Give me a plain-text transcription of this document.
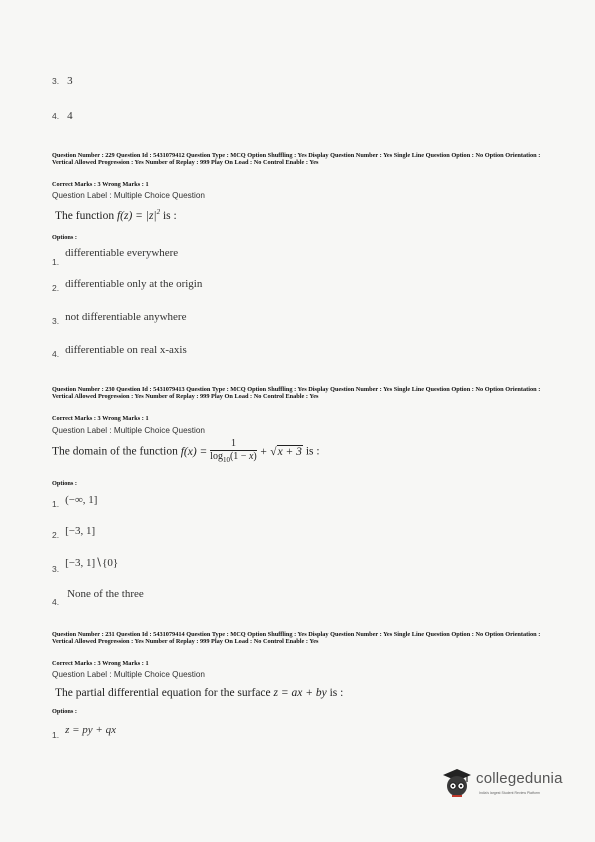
3. 3
4. 4
Question Number : 229 Question Id : 5431079412 Question Type : MCQ Option Shuffling : Yes Display Question Number : Yes Single Line Question Option : No Option Orientation : Vertical Allowed Progression : Yes Number of Replay : 999 Play On Load : No Control Enable : Yes
Correct Marks : 3 Wrong Marks : 1
Question Label : Multiple Choice Question
The function $f(z) = |z|^2$ is :
Options :
$_{1.}$ differentiable everywhere
$_{2.}$ differentiable only at the origin
$_{3.}$ not differentiable anywhere
$_{4.}$ differentiable on real x-axis
Question Number : 230 Question Id : 5431079413 Question Type : MCQ Option Shuffling : Yes Display Question Number : Yes Single Line Question Option : No Option Orientation : Vertical Allowed Progression : Yes Number of Replay : 999 Play On Load : No Control Enable : Yes
Correct Marks : 3 Wrong Marks : 1
Question Label : Multiple Choice Question
The domain of the function $f(x) = \frac{1}{\log_{10}(1 - x)} + √x + 3$ is :
Options :
$_{1.}$ (−∞, 1]
$_{2.}$ [−3, 1]
$_{3.}$ [−3, 1]∖{0}
$_{4.}$ None of the three
Question Number : 231 Question Id : 5431079414 Question Type : MCQ Option Shuffling : Yes Display Question Number : Yes Single Line Question Option : No Option Orientation : Vertical Allowed Progression : Yes Number of Replay : 999 Play On Load : No Control Enable : Yes
Correct Marks : 3 Wrong Marks : 1
Question Label : Multiple Choice Question
The partial differential equation for the surface z = ax + by is :
Options :
$_{1.}$ z = py + qx
collegedunia
India's largest Student Review Platform
